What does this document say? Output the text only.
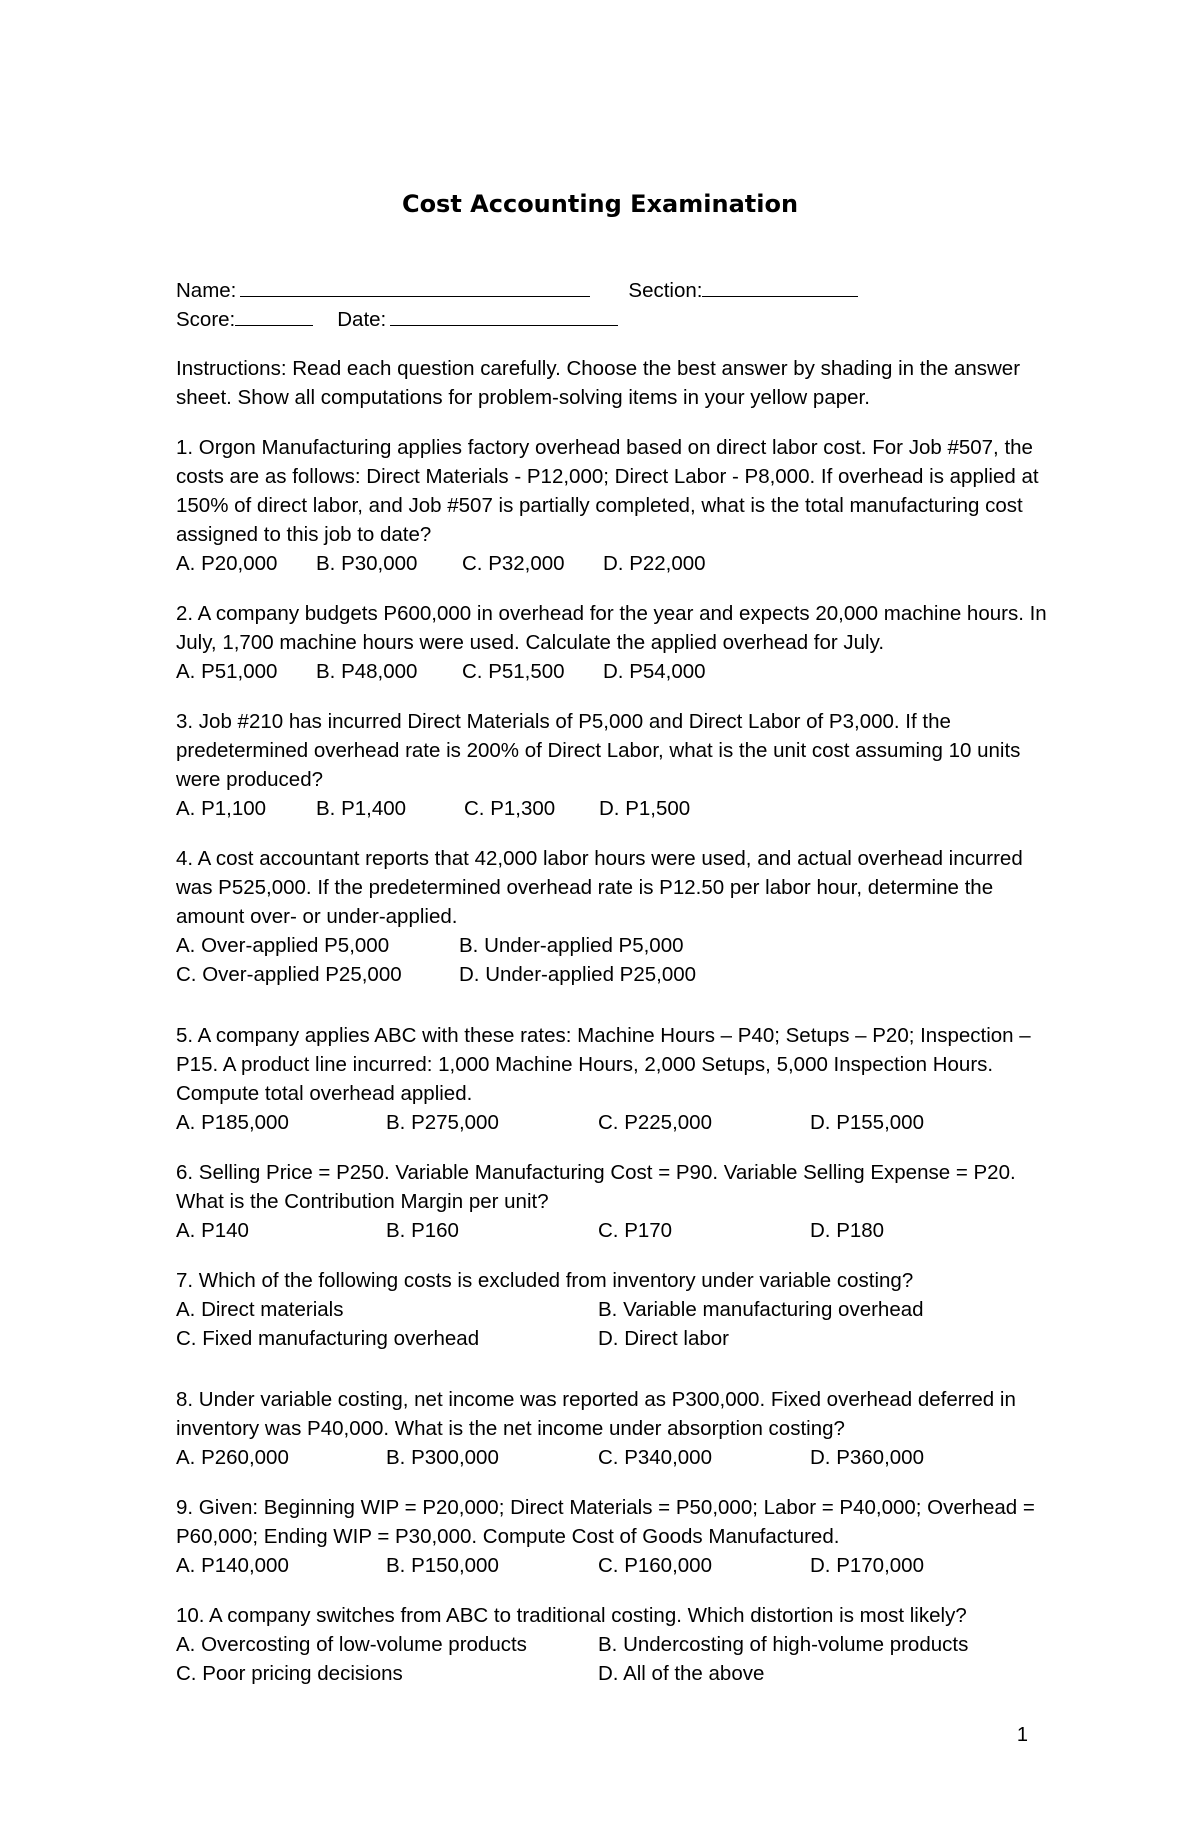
Cost Accounting Examination
Name:	Section:
Score:	Date:

Instructions: Read each question carefully. Choose the best answer by shading in the answer sheet. Show all computations for problem-solving items in your yellow paper.

1. Orgon Manufacturing applies factory overhead based on direct labor cost. For Job #507, the costs are as follows: Direct Materials - P12,000; Direct Labor - P8,000. If overhead is applied at 150% of direct labor, and Job #507 is partially completed, what is the total manufacturing cost assigned to this job to date?

A. P20,000	B. P30,000	C. P32,000	D. P22,000

2. A company budgets P600,000 in overhead for the year and expects 20,000 machine hours. In July, 1,700 machine hours were used. Calculate the applied overhead for July.

A. P51,000	B. P48,000	C. P51,500	D. P54,000

3. Job #210 has incurred Direct Materials of P5,000 and Direct Labor of P3,000. If the predetermined overhead rate is 200% of Direct Labor, what is the unit cost assuming 10 units were produced?

A. P1,100	B. P1,400	C. P1,300	D. P1,500

4. A cost accountant reports that 42,000 labor hours were used, and actual overhead incurred was P525,000. If the predetermined overhead rate is P12.50 per labor hour, determine the amount over- or under-applied.

A. Over-applied P5,000	B. Under-applied P5,000
C. Over-applied P25,000	D. Under-applied P25,000

5. A company applies ABC with these rates: Machine Hours – P40; Setups – P20; Inspection – P15. A product line incurred: 1,000 Machine Hours, 2,000 Setups, 5,000 Inspection Hours. Compute total overhead applied.

A. P185,000	B. P275,000	C. P225,000	D. P155,000

6. Selling Price = P250. Variable Manufacturing Cost = P90. Variable Selling Expense = P20. What is the Contribution Margin per unit?

A. P140	B. P160	C. P170	D. P180

7. Which of the following costs is excluded from inventory under variable costing?

A. Direct materials	B. Variable manufacturing overhead
C. Fixed manufacturing overhead	D. Direct labor

8. Under variable costing, net income was reported as P300,000. Fixed overhead deferred in inventory was P40,000. What is the net income under absorption costing?

A. P260,000	B. P300,000	C. P340,000	D. P360,000

9. Given: Beginning WIP = P20,000; Direct Materials = P50,000; Labor = P40,000; Overhead = P60,000; Ending WIP = P30,000. Compute Cost of Goods Manufactured.

A. P140,000	B. P150,000	C. P160,000	D. P170,000

10. A company switches from ABC to traditional costing. Which distortion is most likely?

A. Overcosting of low-volume products	B. Undercosting of high-volume products
C. Poor pricing decisions	D. All of the above
1
